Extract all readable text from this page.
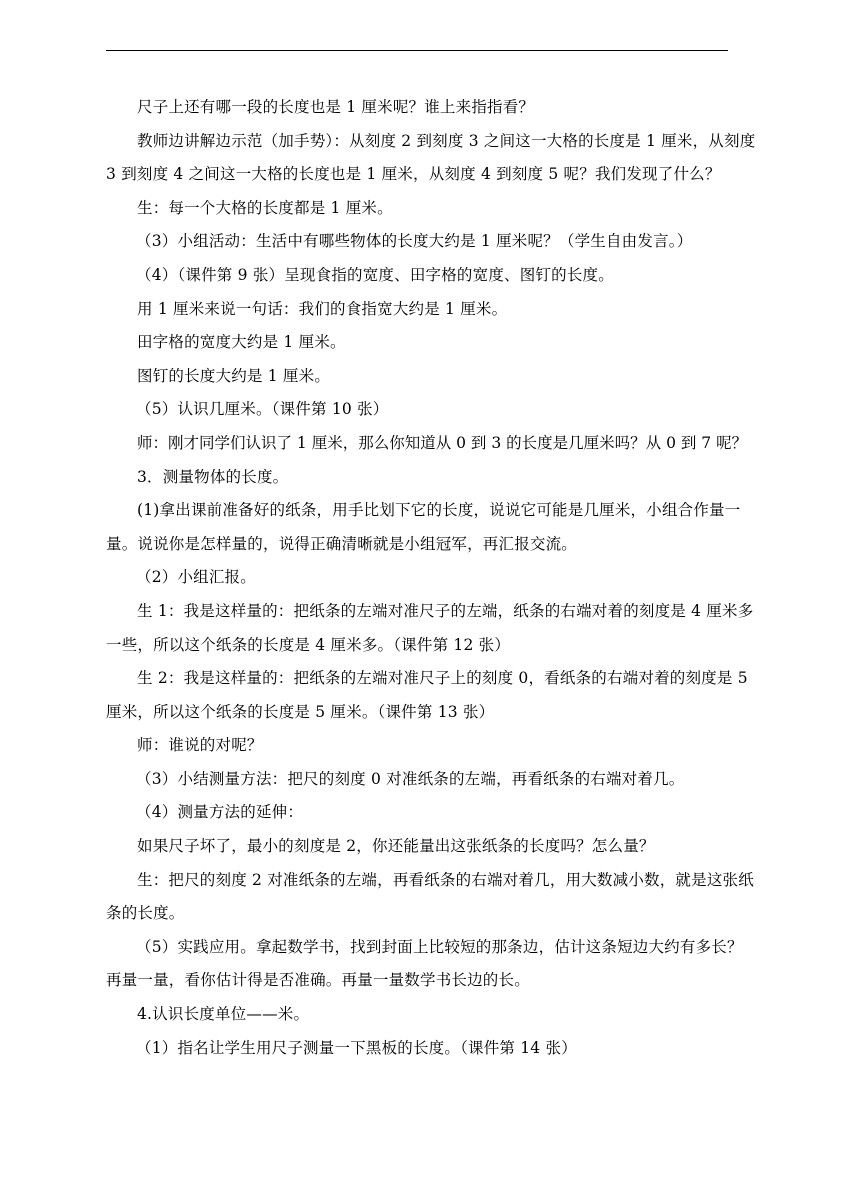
尺子上还有哪一段的长度也是 1 厘米呢？谁上来指指看？

教师边讲解边示范（加手势）：从刻度 2 到刻度 3 之间这一大格的长度是 1 厘米，从刻度 3 到刻度 4 之间这一大格的长度也是 1 厘米，从刻度 4 到刻度 5 呢？我们发现了什么？

生：每一个大格的长度都是 1 厘米。

（3）小组活动：生活中有哪些物体的长度大约是 1 厘米呢？（学生自由发言。）

（4）（课件第 9 张）呈现食指的宽度、田字格的宽度、图钉的长度。

用 1 厘米来说一句话：我们的食指宽大约是 1 厘米。

田字格的宽度大约是 1 厘米。

图钉的长度大约是 1 厘米。

（5）认识几厘米。（课件第 10 张）

师：刚才同学们认识了 1 厘米，那么你知道从 0 到 3 的长度是几厘米吗？从 0 到 7 呢？

3．测量物体的长度。

(1)拿出课前准备好的纸条，用手比划下它的长度，说说它可能是几厘米，小组合作量一量。说说你是怎样量的，说得正确清晰就是小组冠军，再汇报交流。

（2）小组汇报。

生 1：我是这样量的：把纸条的左端对准尺子的左端，纸条的右端对着的刻度是 4 厘米多一些，所以这个纸条的长度是 4 厘米多。（课件第 12 张）

生 2：我是这样量的：把纸条的左端对准尺子上的刻度 0，看纸条的右端对着的刻度是 5 厘米，所以这个纸条的长度是 5 厘米。（课件第 13 张）

师：谁说的对呢？

（3）小结测量方法：把尺的刻度 0 对准纸条的左端，再看纸条的右端对着几。

（4）测量方法的延伸：

如果尺子坏了，最小的刻度是 2，你还能量出这张纸条的长度吗？怎么量？

生：把尺的刻度 2 对准纸条的左端，再看纸条的右端对着几，用大数减小数，就是这张纸条的长度。

（5）实践应用。拿起数学书，找到封面上比较短的那条边，估计这条短边大约有多长？再量一量，看你估计得是否准确。再量一量数学书长边的长。

4.认识长度单位——米。

（1）指名让学生用尺子测量一下黑板的长度。（课件第 14 张）
